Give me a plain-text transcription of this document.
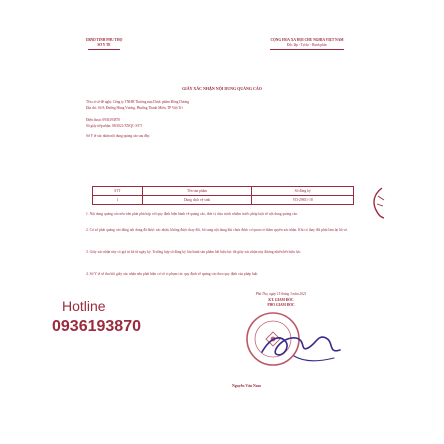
UBND TỈNH PHÚ THỌ
SỞ Y TẾ
CỘNG HOÀ XÃ HỘI CHỦ NGHĨA VIỆT NAM
Độc lập - Tự do - Hạnh phúc
GIẤY XÁC NHẬN NỘI DUNG QUẢNG CÁO
Tên cơ sở đề nghị: Công ty TNHH Thương mại Dược phẩm Đông Dương
Địa chỉ: Số 8, Đường Hùng Vương, Phường Thanh Miếu, TP Việt Trì
Điện thoại: 0936193870
Số giấy tiếp nhận: 08/2021/XNQC-SYT
Sở Y tế xác nhận nội dung quảng cáo sau đây:
STT	Tên sản phẩm	Số đăng ký
1	Dung dịch vệ sinh	VD-29851-18
1. Nội dung quảng cáo nêu trên phải phù hợp với quy định hiện hành về quảng cáo, đơn vị chịu trách nhiệm trước pháp luật về nội dung quảng cáo.
2. Cơ sở phải quảng cáo đúng nội dung đã được xác nhận, không được thay đổi, bổ sung nội dung khi chưa được cơ quan có thẩm quyền xác nhận. Khi có thay đổi phải làm lại hồ sơ.
3. Giấy xác nhận này có giá trị kể từ ngày ký. Trường hợp số đăng ký lưu hành sản phẩm hết hiệu lực thì giấy xác nhận này đương nhiên hết hiệu lực.
4. Sở Y tế sẽ thu hồi giấy xác nhận nếu phát hiện cơ sở vi phạm các quy định về quảng cáo theo quy định của pháp luật.
Phú Thọ, ngày 15 tháng 3 năm 2021
KT. GIÁM ĐỐC
PHÓ GIÁM ĐỐC
Hotline
0936193870
Nguyễn Văn Nam
